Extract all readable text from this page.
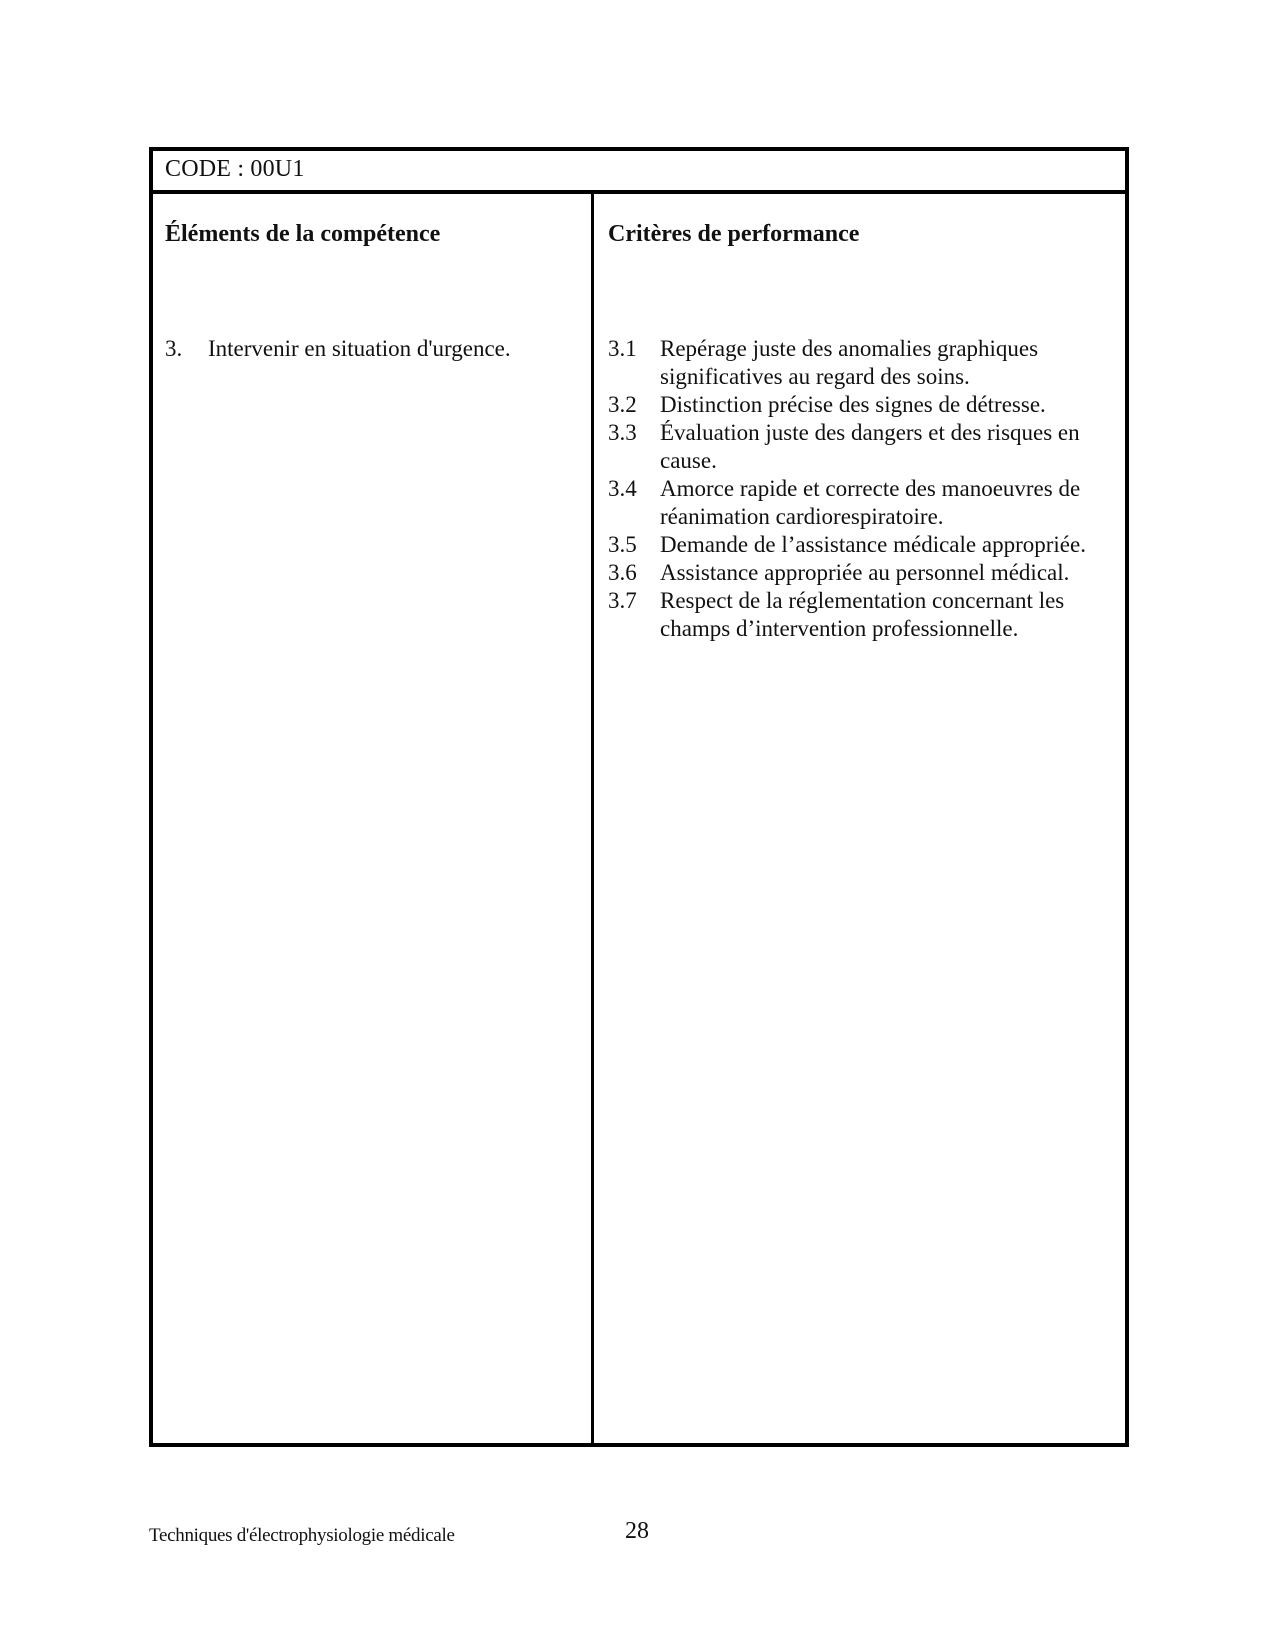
CODE : 00U1
Éléments de la compétence	Critères de performance
3. Intervenir en situation d'urgence.	3.1	Repérage juste des anomalies graphiques significatives au regard des soins.
3.2	Distinction précise des signes de détresse.
3.3	Évaluation juste des dangers et des risques en cause.
3.4	Amorce rapide et correcte des manoeuvres de réanimation cardiorespiratoire.
3.5	Demande de l’assistance médicale appropriée.
3.6	Assistance appropriée au personnel médical.
3.7	Respect de la réglementation concernant les champs d’intervention professionnelle.
Techniques d'électrophysiologie médicale	28
